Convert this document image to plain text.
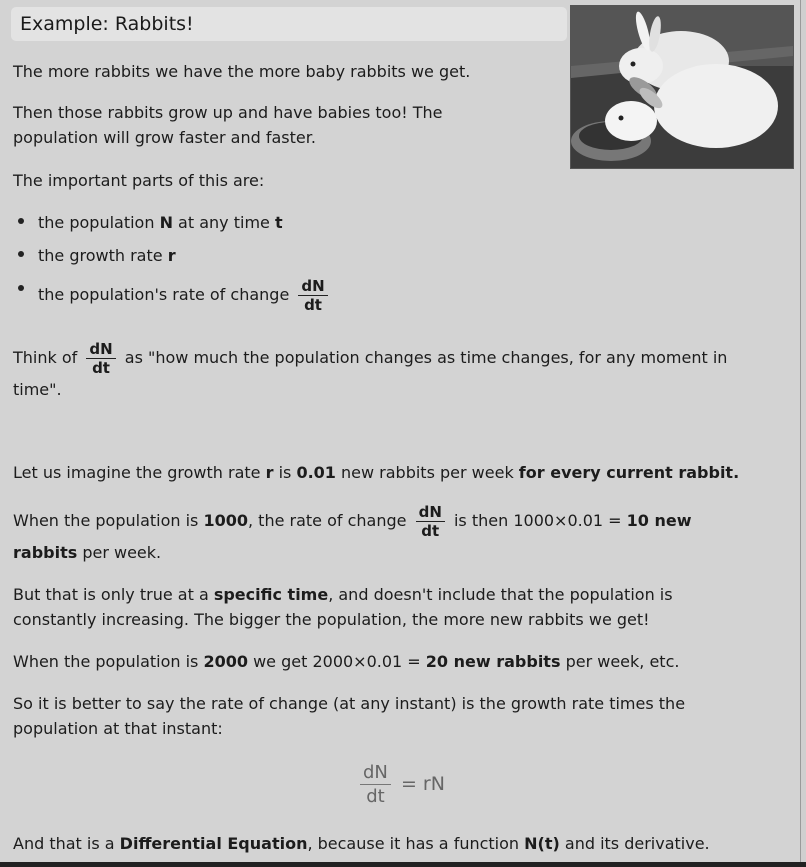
Example: Rabbits!

The more rabbits we have the more baby rabbits we get.

Then those rabbits grow up and have babies too! The

population will grow faster and faster.

The important parts of this are:

the population N at any time t
the growth rate r
the population's rate of change $\frac{dN}{dt}$

Think of $\frac{dN}{dt}$ as "how much the population changes as time changes, for any moment in

time".

Let us imagine the growth rate r is 0.01 new rabbits per week for every current rabbit.

When the population is 1000, the rate of change $\frac{dN}{dt}$ is then 1000×0.01 = 10 new

rabbits per week.

But that is only true at a specific time, and doesn't include that the population is

constantly increasing. The bigger the population, the more new rabbits we get!

When the population is 2000 we get 2000×0.01 = 20 new rabbits per week, etc.

So it is better to say the rate of change (at any instant) is the growth rate times the

population at that instant:

$\frac{dN}{dt}$ = rN

And that is a Differential Equation, because it has a function N(t) and its derivative.
